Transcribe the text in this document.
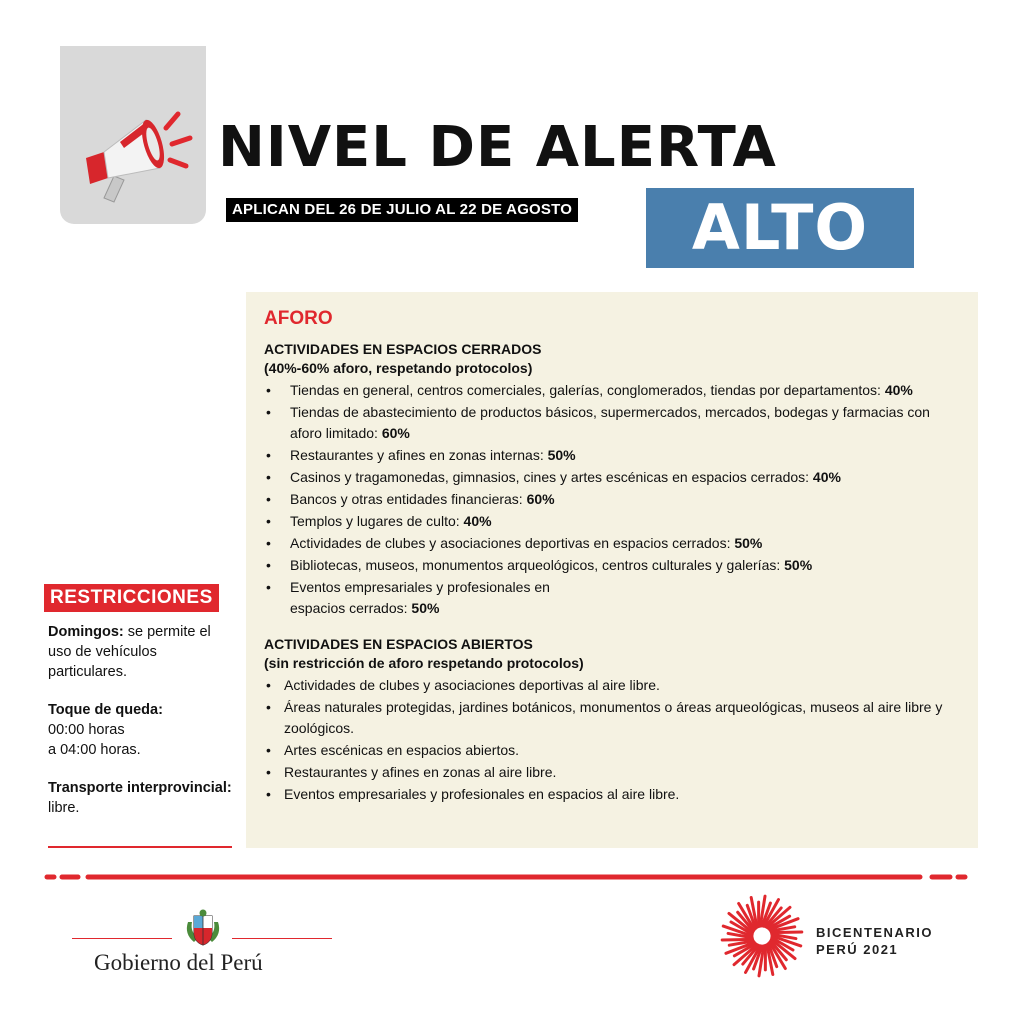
NIVEL DE ALERTA
APLICAN DEL 26 DE JULIO AL 22 DE AGOSTO	ALTO
AFORO
ACTIVIDADES EN ESPACIOS CERRADOS
(40%-60% aforo, respetando protocolos)
• Tiendas en general, centros comerciales, galerías, conglomerados, tiendas por departamentos: 40%
• Tiendas de abastecimiento de productos básicos, supermercados, mercados, bodegas y farmacias con aforo limitado: 60%
• Restaurantes y afines en zonas internas: 50%
• Casinos y tragamonedas, gimnasios, cines y artes escénicas en espacios cerrados: 40%
• Bancos y otras entidades financieras: 60%
• Templos y lugares de culto: 40%
• Actividades de clubes y asociaciones deportivas en espacios cerrados: 50%
• Bibliotecas, museos, monumentos arqueológicos, centros culturales y galerías: 50%
• Eventos empresariales y profesionales en espacios cerrados: 50%
ACTIVIDADES EN ESPACIOS ABIERTOS
(sin restricción de aforo respetando protocolos)
• Actividades de clubes y asociaciones deportivas al aire libre.
• Áreas naturales protegidas, jardines botánicos, monumentos o áreas arqueológicas, museos al aire libre y zoológicos.
• Artes escénicas en espacios abiertos.
• Restaurantes y afines en zonas al aire libre.
• Eventos empresariales y profesionales en espacios al aire libre.
RESTRICCIONES

Domingos: se permite el uso de vehículos particulares.

Toque de queda:
00:00 horas
a 04:00 horas.

Transporte interprovincial: libre.

Gobierno del Perú
BICENTENARIO
PERÚ 2021
